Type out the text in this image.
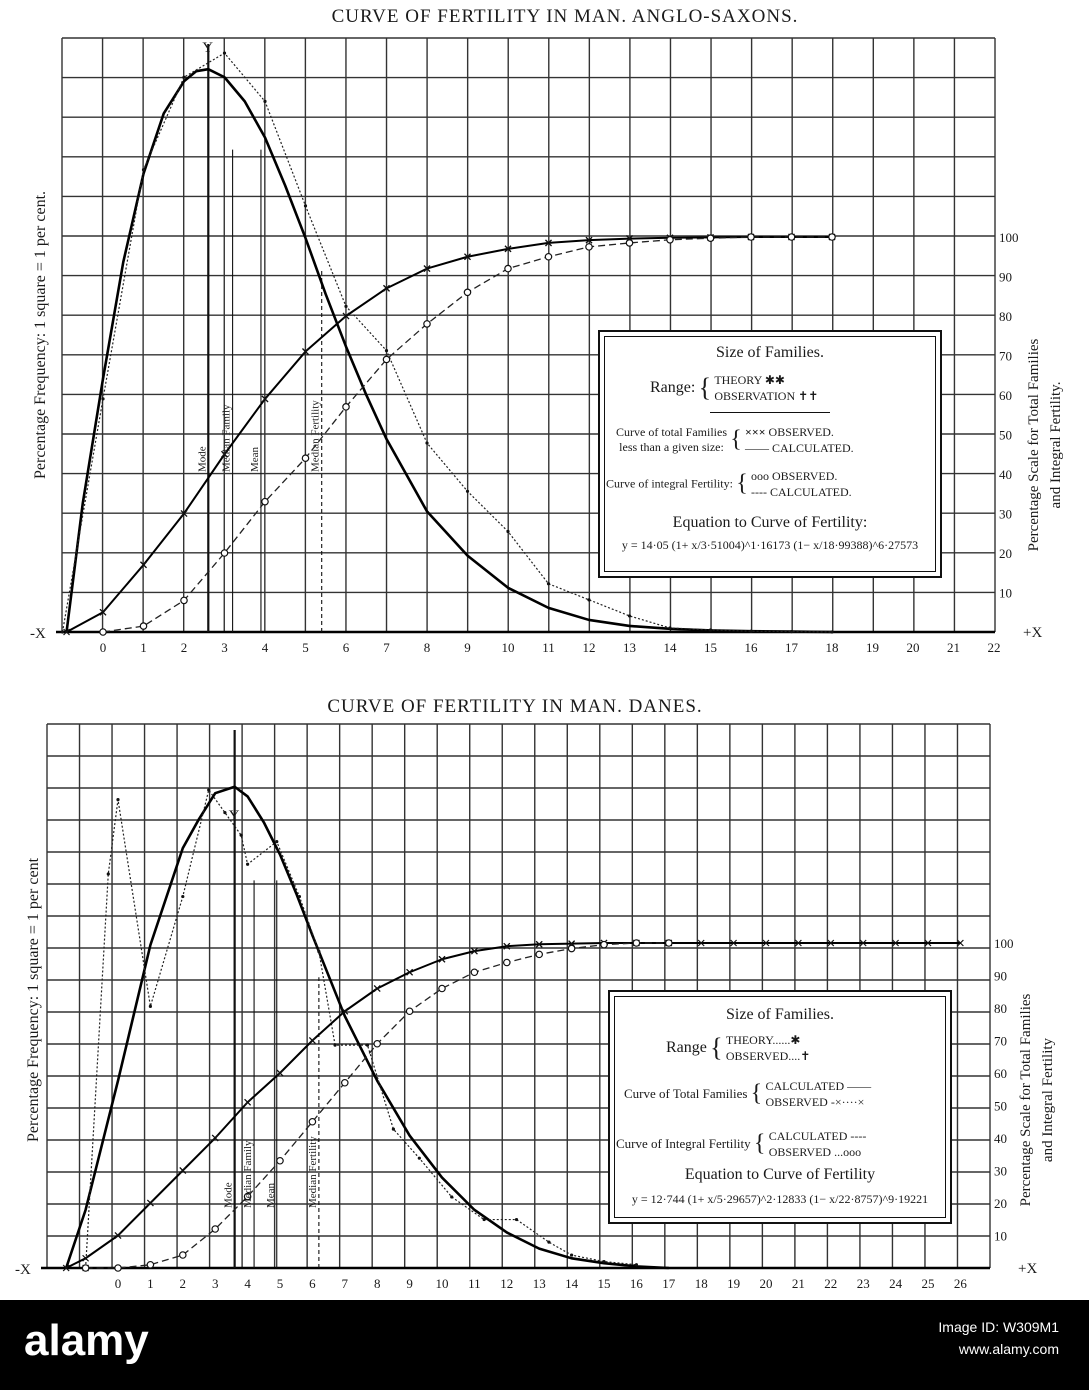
Mode Median Family Mean	Median Fertility
-X	+X
Y
0	1	2	3	4	5	6	7	8	9 10 11 12 13 14 15 16 17 18 19 20 21 22
10
20
30
40
50
60
70
80
90
100
Percentage Frequency: 1 square = 1 per cent.	Percentage Scale for Total Families and Integral Fertility.
Mode Median Family Mean	Median Fertility
-X	+X
Y
0 1 2 3 4 5 6 7 8 9 10 11 12 13 14 15 16 17 18 19 20 21 22 23 24 25 26
10
20
30
40
50
60
70
80
90
100
Percentage Frequency: 1 square = 1 per cent	Percentage Scale for Total Families and Integral Fertility
CURVE OF FERTILITY IN MAN. ANGLO-SAXONS.
CURVE OF FERTILITY IN MAN. DANES.
Size of Families.
Range: { THEORY ✱✱
OBSERVATION ✝✝
Curve of total Families
less than a given size: { ××× OBSERVED.
—— CALCULATED.
Curve of integral Fertility: { ooo OBSERVED.
---- CALCULATED.
Equation to Curve of Fertility:
y = 14·05 (1+ x/3·51004)^1·16173 (1− x/18·99388)^6·27573
Size of Families.
Range { THEORY......✱
OBSERVED....✝
Curve of Total Families { CALCULATED ——
OBSERVED -×····×
Curve of Integral Fertility { CALCULATED ----
OBSERVED ...ooo
Equation to Curve of Fertility
y = 12·744 (1+ x/5·29657)^2·12833 (1− x/22·8757)^9·19221
alamy	Image ID: W309M1
www.alamy.com
